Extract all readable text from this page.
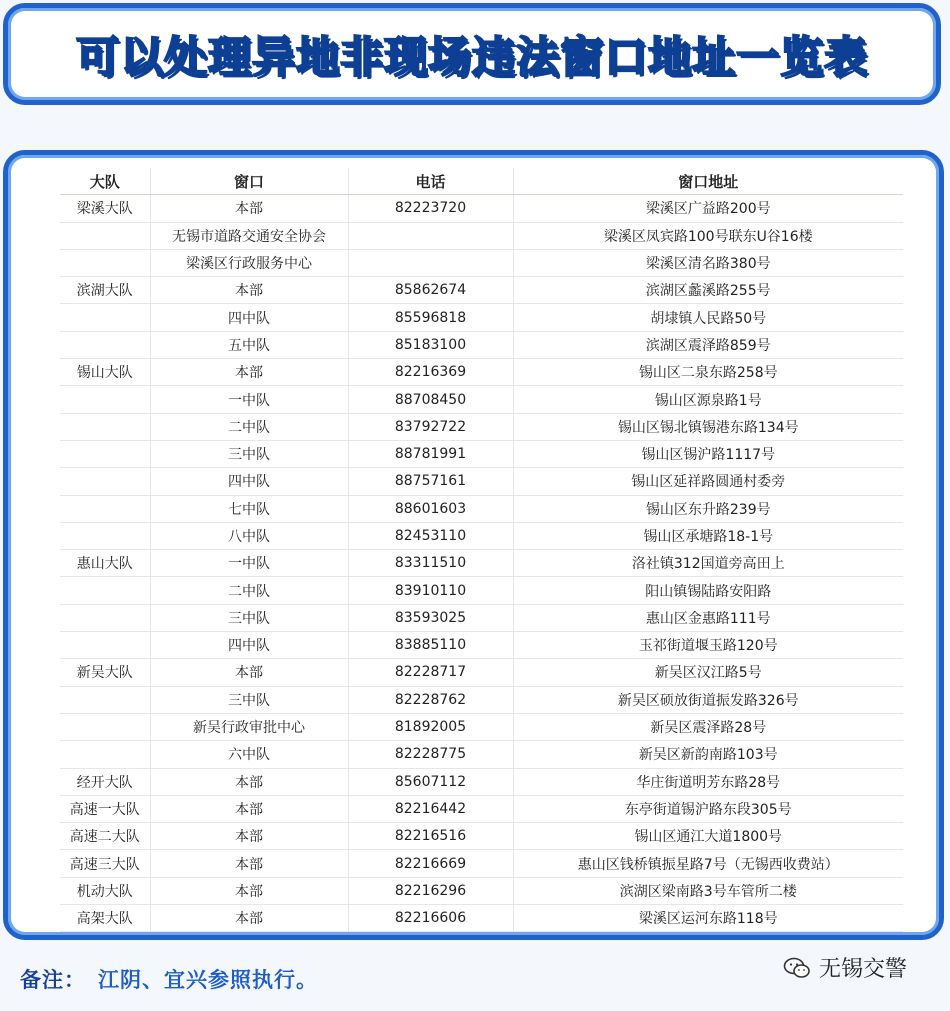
可以处理异地非现场违法窗口地址一览表
大队	窗口	电话	窗口地址
梁溪大队	本部	82223720	梁溪区广益路200号
	无锡市道路交通安全协会		梁溪区凤宾路100号联东U谷16楼
	梁溪区行政服务中心		梁溪区清名路380号
滨湖大队	本部	85862674	滨湖区蠡溪路255号
	四中队	85596818	胡埭镇人民路50号
	五中队	85183100	滨湖区震泽路859号
锡山大队	本部	82216369	锡山区二泉东路258号
	一中队	88708450	锡山区源泉路1号
	二中队	83792722	锡山区锡北镇锡港东路134号
	三中队	88781991	锡山区锡沪路1117号
	四中队	88757161	锡山区延祥路圆通村委旁
	七中队	88601603	锡山区东升路239号
	八中队	82453110	锡山区承塘路18-1号
惠山大队	一中队	83311510	洛社镇312国道旁高田上
	二中队	83910110	阳山镇锡陆路安阳路
	三中队	83593025	惠山区金惠路111号
	四中队	83885110	玉祁街道堰玉路120号
新吴大队	本部	82228717	新吴区汉江路5号
	三中队	82228762	新吴区硕放街道振发路326号
	新吴行政审批中心	81892005	新吴区震泽路28号
	六中队	82228775	新吴区新韵南路103号
经开大队	本部	85607112	华庄街道明芳东路28号
高速一大队	本部	82216442	东亭街道锡沪路东段305号
高速二大队	本部	82216516	锡山区通江大道1800号
高速三大队	本部	82216669	惠山区钱桥镇振星路7号（无锡西收费站）
机动大队	本部	82216296	滨湖区梁南路3号车管所二楼
高架大队	本部	82216606	梁溪区运河东路118号
备注： 江阴、宜兴参照执行。	无锡交警
